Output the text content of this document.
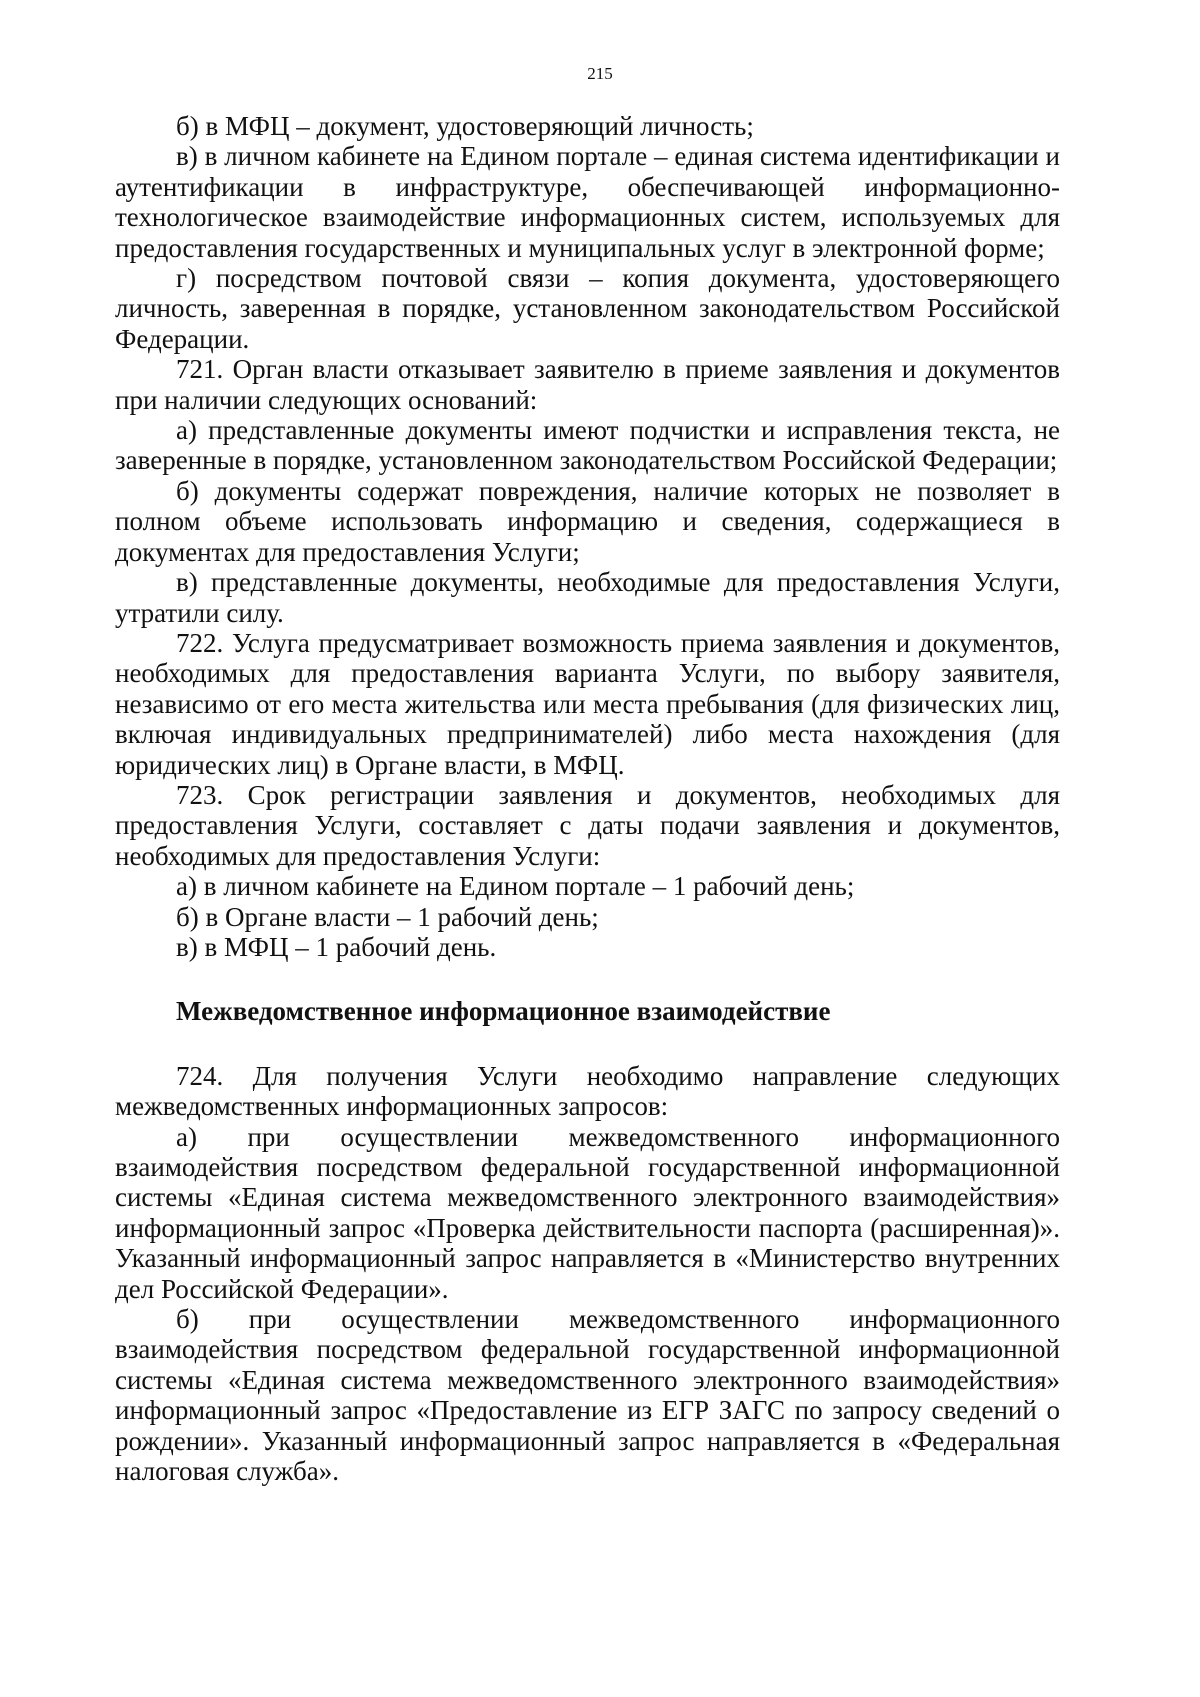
215

б) в МФЦ – документ, удостоверяющий личность;

в) в личном кабинете на Едином портале – единая система идентификации и аутентификации в инфраструктуре, обеспечивающей информационно-технологическое взаимодействие информационных систем, используемых для предоставления государственных и муниципальных услуг в электронной форме;

г) посредством почтовой связи – копия документа, удостоверяющего личность, заверенная в порядке, установленном законодательством Российской Федерации.

721. Орган власти отказывает заявителю в приеме заявления и документов при наличии следующих оснований:

а) представленные документы имеют подчистки и исправления текста, не заверенные в порядке, установленном законодательством Российской Федерации;

б) документы содержат повреждения, наличие которых не позволяет в полном объеме использовать информацию и сведения, содержащиеся в документах для предоставления Услуги;

в) представленные документы, необходимые для предоставления Услуги, утратили силу.

722. Услуга предусматривает возможность приема заявления и документов, необходимых для предоставления варианта Услуги, по выбору заявителя, независимо от его места жительства или места пребывания (для физических лиц, включая индивидуальных предпринимателей) либо места нахождения (для юридических лиц) в Органе власти, в МФЦ.

723. Срок регистрации заявления и документов, необходимых для предоставления Услуги, составляет с даты подачи заявления и документов, необходимых для предоставления Услуги:

а) в личном кабинете на Едином портале – 1 рабочий день;

б) в Органе власти – 1 рабочий день;

в) в МФЦ – 1 рабочий день.

Межведомственное информационное взаимодействие

724. Для получения Услуги необходимо направление следующих межведомственных информационных запросов:

а) при осуществлении межведомственного информационного взаимодействия посредством федеральной государственной информационной системы «Единая система межведомственного электронного взаимодействия» информационный запрос «Проверка действительности паспорта (расширенная)». Указанный информационный запрос направляется в «Министерство внутренних дел Российской Федерации».

б) при осуществлении межведомственного информационного взаимодействия посредством федеральной государственной информационной системы «Единая система межведомственного электронного взаимодействия» информационный запрос «Предоставление из ЕГР ЗАГС по запросу сведений о рождении». Указанный информационный запрос направляется в «Федеральная налоговая служба».
